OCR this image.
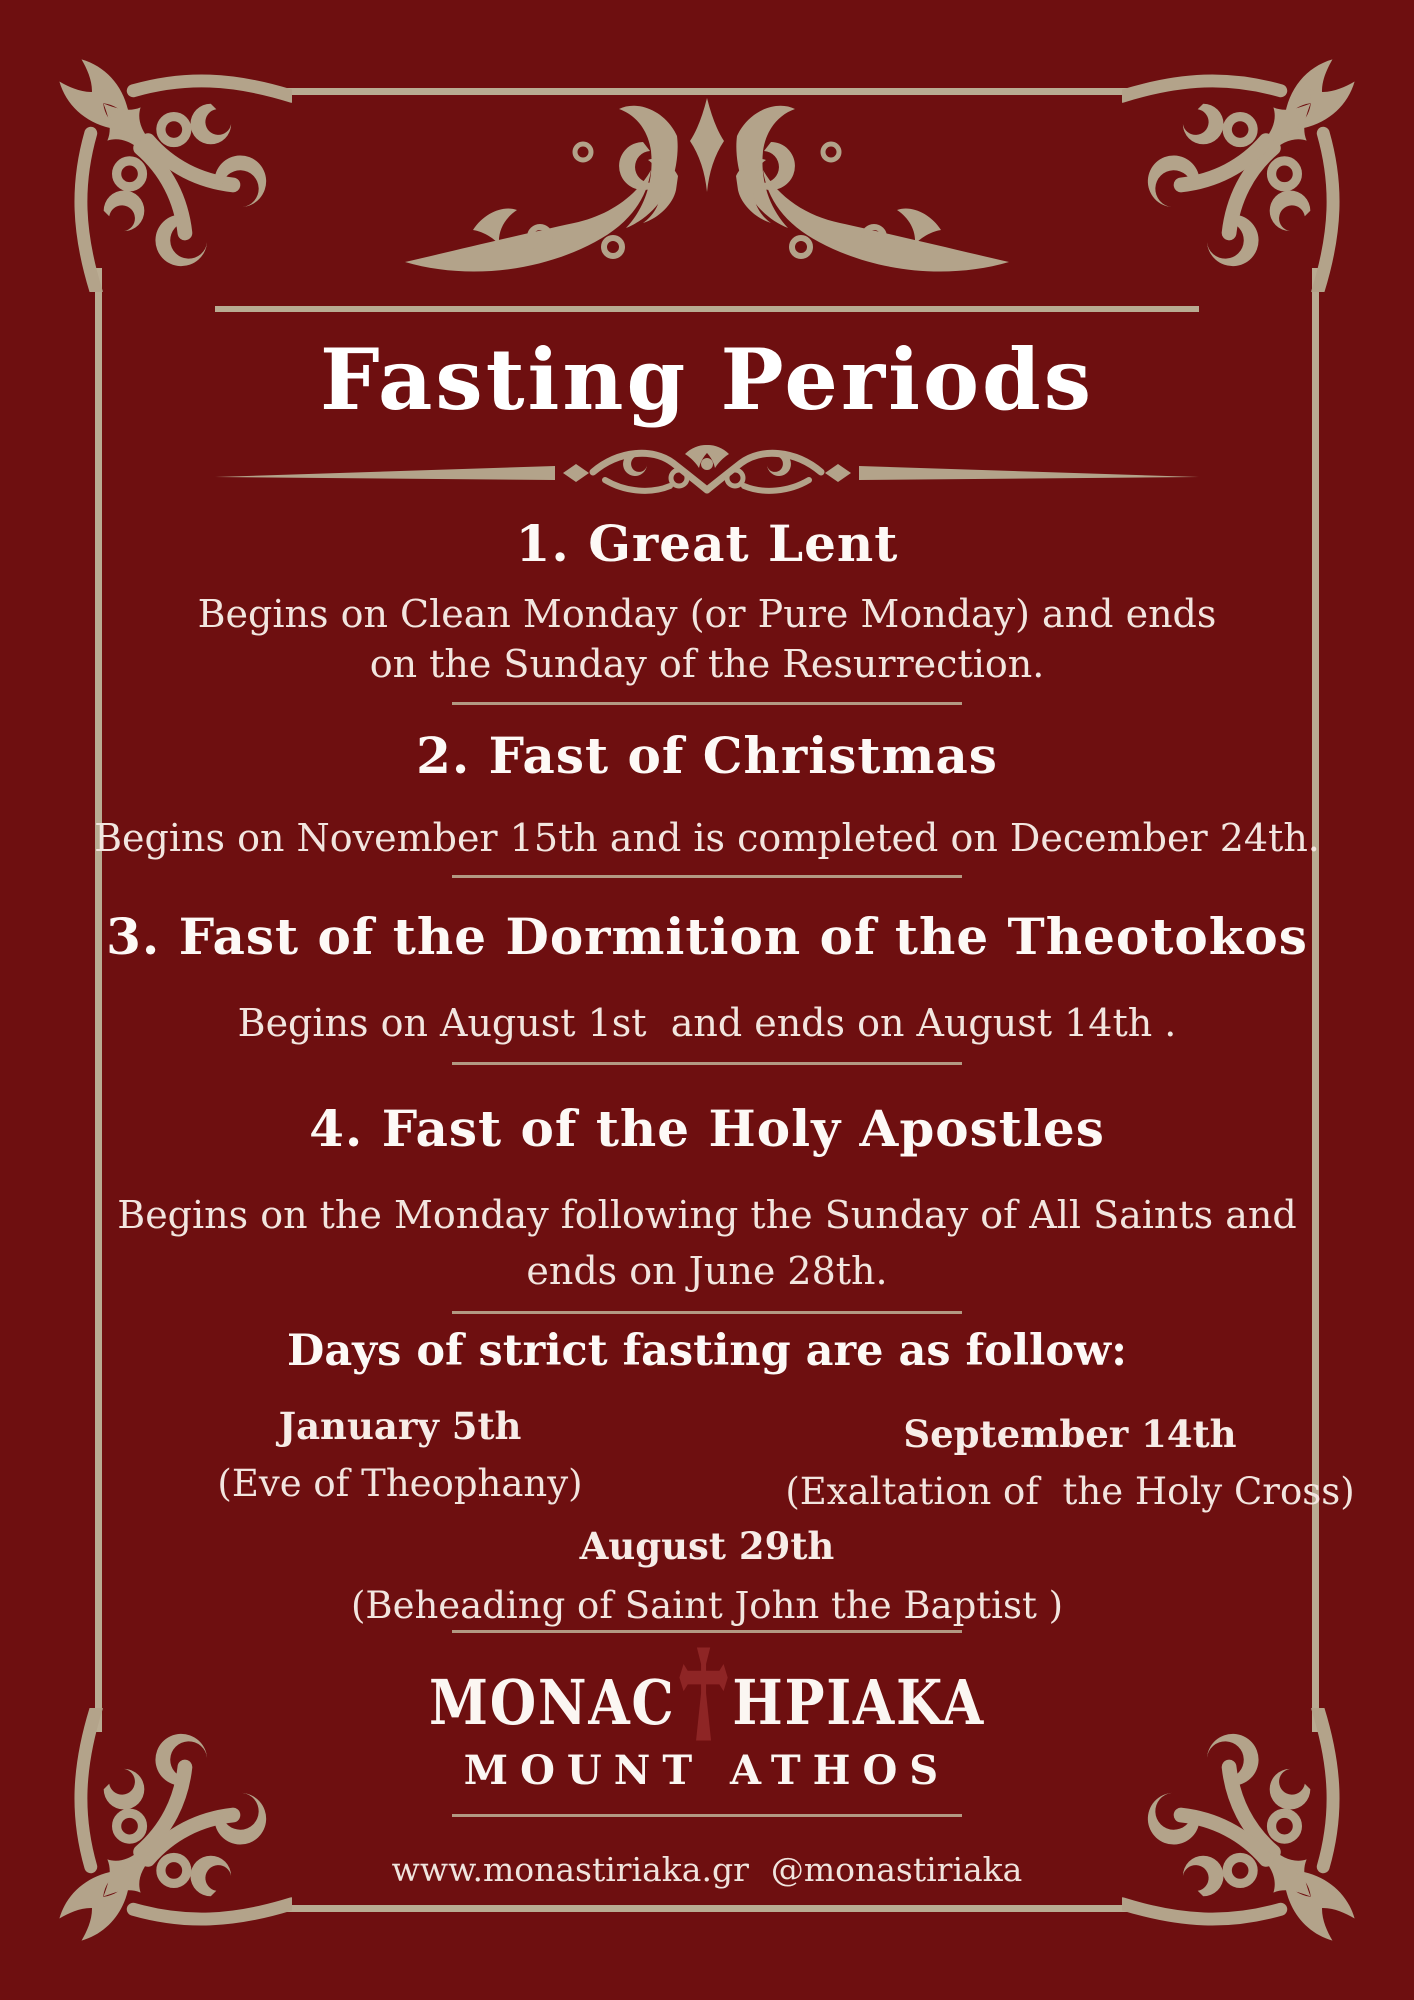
Fasting Periods
1. Great Lent
Begins on Clean Monday (or Pure Monday) and ends
on the Sunday of the Resurrection.
2. Fast of Christmas
Begins on November 15th and is completed on December 24th.
3. Fast of the Dormition of the Theotokos
Begins on August 1st  and ends on August 14th .
4. Fast of the Holy Apostles
Begins on the Monday following the Sunday of All Saints and
ends on June 28th.
Days of strict fasting are as follow:
January 5th
(Eve of Theophany)
September 14th
(Exaltation of  the Holy Cross)
August 29th
(Beheading of Saint John the Baptist )
MONAC HPIAKA
MOUNT ATHOS
www.monastiriaka.gr @monastiriaka
